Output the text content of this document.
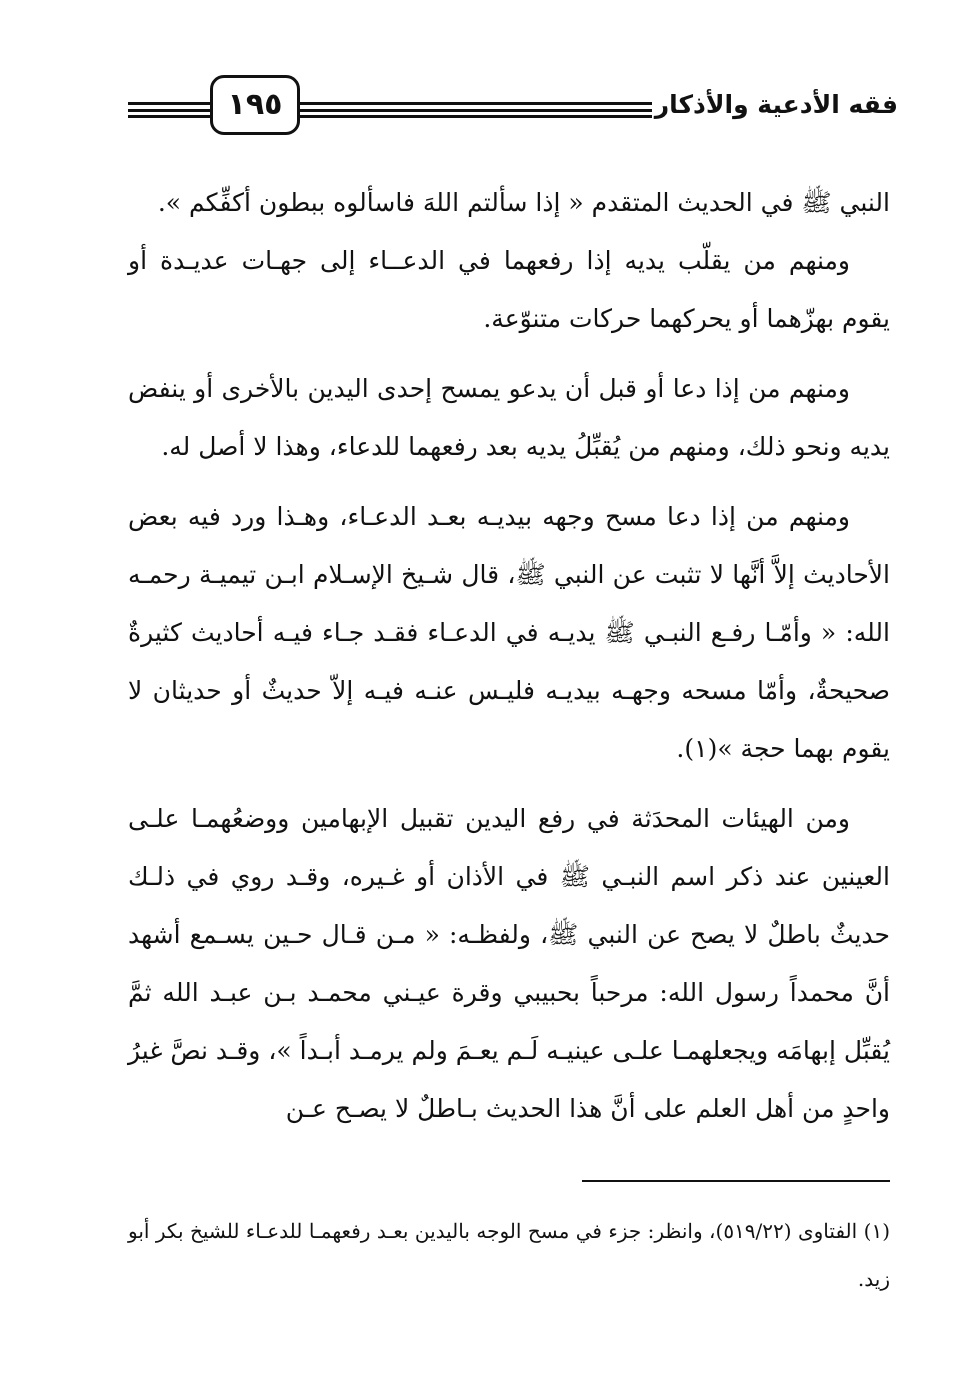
١٩٥	فقه الأدعية والأذكار

النبي ﷺ في الحديث المتقدم « إذا سألتم اللهَ فاسألوه ببطون أكفِّكم ».

ومنهم من يقلّب يديه إذا رفعهما في الدعــاء إلى جهـات عديـدة أو يقوم بهزّهما أو يحركهما حركات متنوّعة.

ومنهم من إذا دعا أو قبل أن يدعو يمسح إحدى اليدين بالأخرى أو ينفض يديه ونحو ذلك، ومنهم من يُقبِّلُ يديه بعد رفعهما للدعاء، وهذا لا أصل له.

ومنهم من إذا دعا مسح وجهه بيديـه بعـد الدعـاء، وهـذا ورد فيه بعض الأحاديث إلاَّ أنَّها لا تثبت عن النبي ﷺ، قال شـيخ الإسـلام ابـن تيميـة رحمـه الله: « وأمّـا رفـع النبـي ﷺ يديـه في الدعـاء فقـد جـاء فيـه أحاديث كثيرةٌ صحيحةٌ، وأمّا مسحه وجهـه بيديـه فليـس عنـه فيـه إلاّ حديثٌ أو حديثان لا يقوم بهما حجة »(١).

ومن الهيئات المحدَثة في رفع اليدين تقبيل الإبهامين ووضعُهمـا علـى العينين عند ذكر اسم النبـي ﷺ في الأذان أو غـيره، وقـد روي في ذلـك حديثٌ باطلٌ لا يصح عن النبي ﷺ، ولفظـه: « مـن قـال حـين يسـمع أشهد أنَّ محمداً رسول الله: مرحباً بحبيبي وقرة عيـني محمـد بـن عبـد الله ثمَّ يُقبِّل إبهامَه ويجعلهمـا علـى عينيـه لَـم يعـمَ ولم يرمـد أبـداً »، وقـد نصَّ غيرُ واحدٍ من أهل العلم على أنَّ هذا الحديث بـاطلٌ لا يصـح عـن

(١) الفتاوى (٥١٩/٢٢)، وانظر: جزء في مسح الوجه باليدين بعـد رفعهمـا للدعـاء للشيخ بكر أبو زيد.
